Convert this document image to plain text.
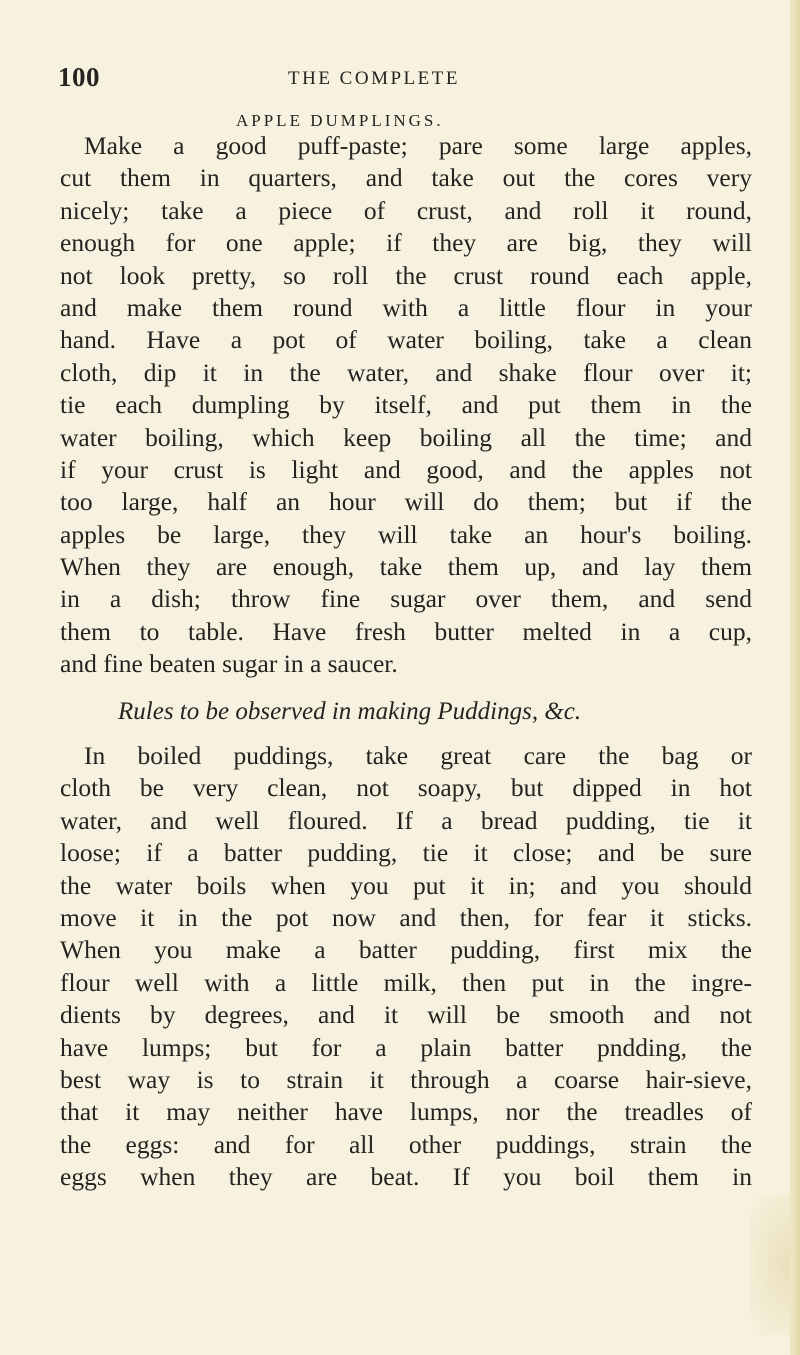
100	THE COMPLETE
APPLE DUMPLINGS.
Make a good puff-paste; pare some large apples,
cut them in quarters, and take out the cores very
nicely; take a piece of crust, and roll it round,
enough for one apple; if they are big, they will
not look pretty, so roll the crust round each apple,
and make them round with a little flour in your
hand. Have a pot of water boiling, take a clean
cloth, dip it in the water, and shake flour over it;
tie each dumpling by itself, and put them in the
water boiling, which keep boiling all the time; and
if your crust is light and good, and the apples not
too large, half an hour will do them; but if the
apples be large, they will take an hour's boiling.
When they are enough, take them up, and lay them
in a dish; throw fine sugar over them, and send
them to table. Have fresh butter melted in a cup,
and fine beaten sugar in a saucer.
Rules to be observed in making Puddings, &c.
In boiled puddings, take great care the bag or
cloth be very clean, not soapy, but dipped in hot
water, and well floured. If a bread pudding, tie it
loose; if a batter pudding, tie it close; and be sure
the water boils when you put it in; and you should
move it in the pot now and then, for fear it sticks.
When you make a batter pudding, first mix the
flour well with a little milk, then put in the ingre-
dients by degrees, and it will be smooth and not
have lumps; but for a plain batter pndding, the
best way is to strain it through a coarse hair-sieve,
that it may neither have lumps, nor the treadles of
the eggs: and for all other puddings, strain the
eggs when they are beat. If you boil them in
